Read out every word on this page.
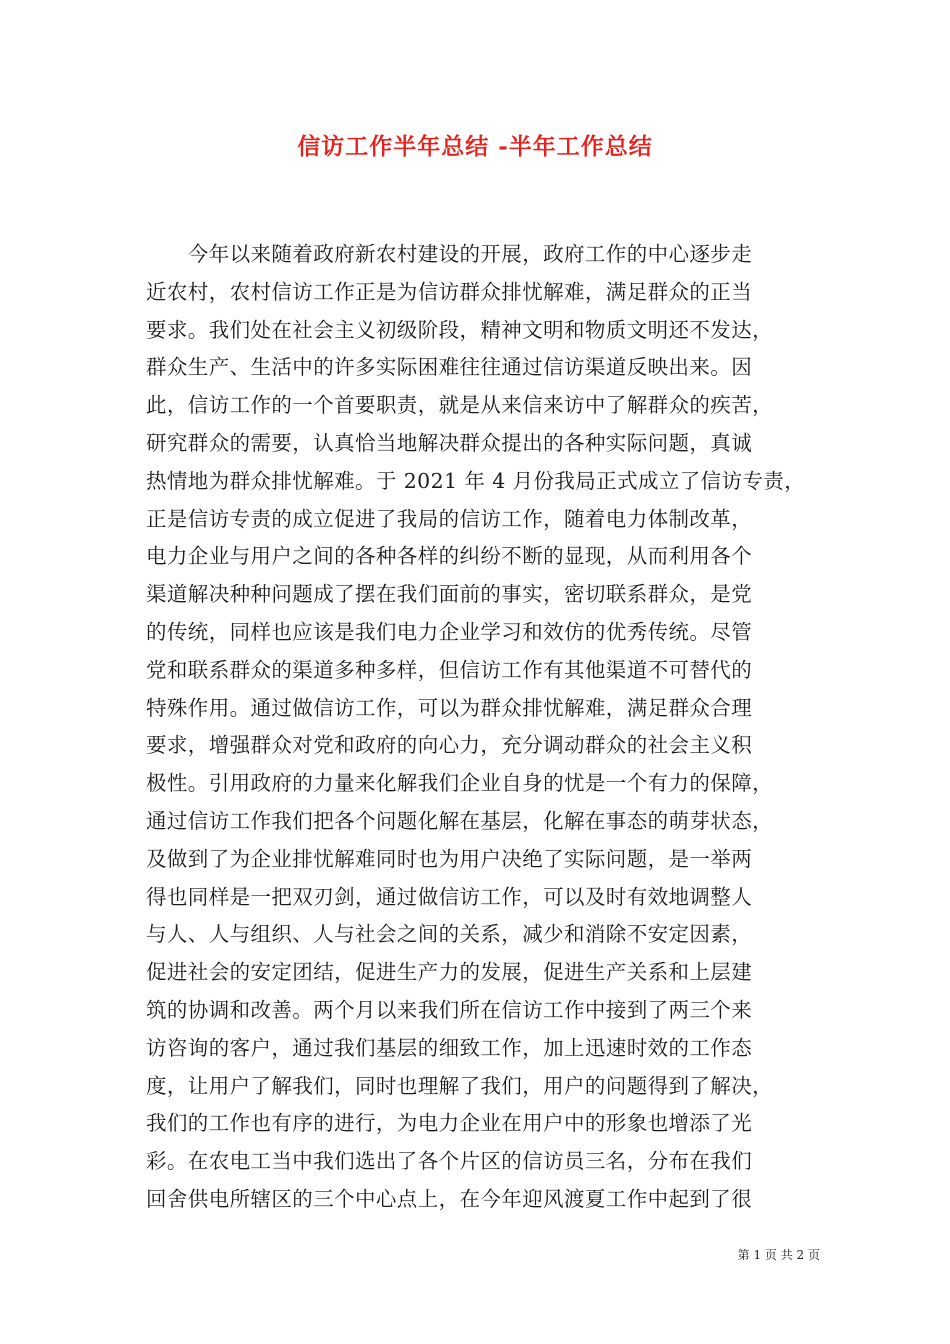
信访工作半年总结 -半年工作总结
　　今年以来随着政府新农村建设的开展，政府工作的中心逐步走
近农村，农村信访工作正是为信访群众排忧解难，满足群众的正当
要求。我们处在社会主义初级阶段，精神文明和物质文明还不发达，
群众生产、生活中的许多实际困难往往通过信访渠道反映出来。因
此，信访工作的一个首要职责，就是从来信来访中了解群众的疾苦，
研究群众的需要，认真恰当地解决群众提出的各种实际问题，真诚
热情地为群众排忧解难。于 2021 年 4 月份我局正式成立了信访专责，
正是信访专责的成立促进了我局的信访工作，随着电力体制改革，
电力企业与用户之间的各种各样的纠纷不断的显现，从而利用各个
渠道解决种种问题成了摆在我们面前的事实，密切联系群众，是党
的传统，同样也应该是我们电力企业学习和效仿的优秀传统。尽管
党和联系群众的渠道多种多样，但信访工作有其他渠道不可替代的
特殊作用。通过做信访工作，可以为群众排忧解难，满足群众合理
要求，增强群众对党和政府的向心力，充分调动群众的社会主义积
极性。引用政府的力量来化解我们企业自身的忧是一个有力的保障，
通过信访工作我们把各个问题化解在基层，化解在事态的萌芽状态，
及做到了为企业排忧解难同时也为用户决绝了实际问题，是一举两
得也同样是一把双刃剑，通过做信访工作，可以及时有效地调整人
与人、人与组织、人与社会之间的关系，减少和消除不安定因素，
促进社会的安定团结，促进生产力的发展，促进生产关系和上层建
筑的协调和改善。两个月以来我们所在信访工作中接到了两三个来
访咨询的客户，通过我们基层的细致工作，加上迅速时效的工作态
度，让用户了解我们，同时也理解了我们，用户的问题得到了解决，
我们的工作也有序的进行，为电力企业在用户中的形象也增添了光
彩。在农电工当中我们选出了各个片区的信访员三名，分布在我们
回舍供电所辖区的三个中心点上，在今年迎风渡夏工作中起到了很
第 1 页 共 2 页
